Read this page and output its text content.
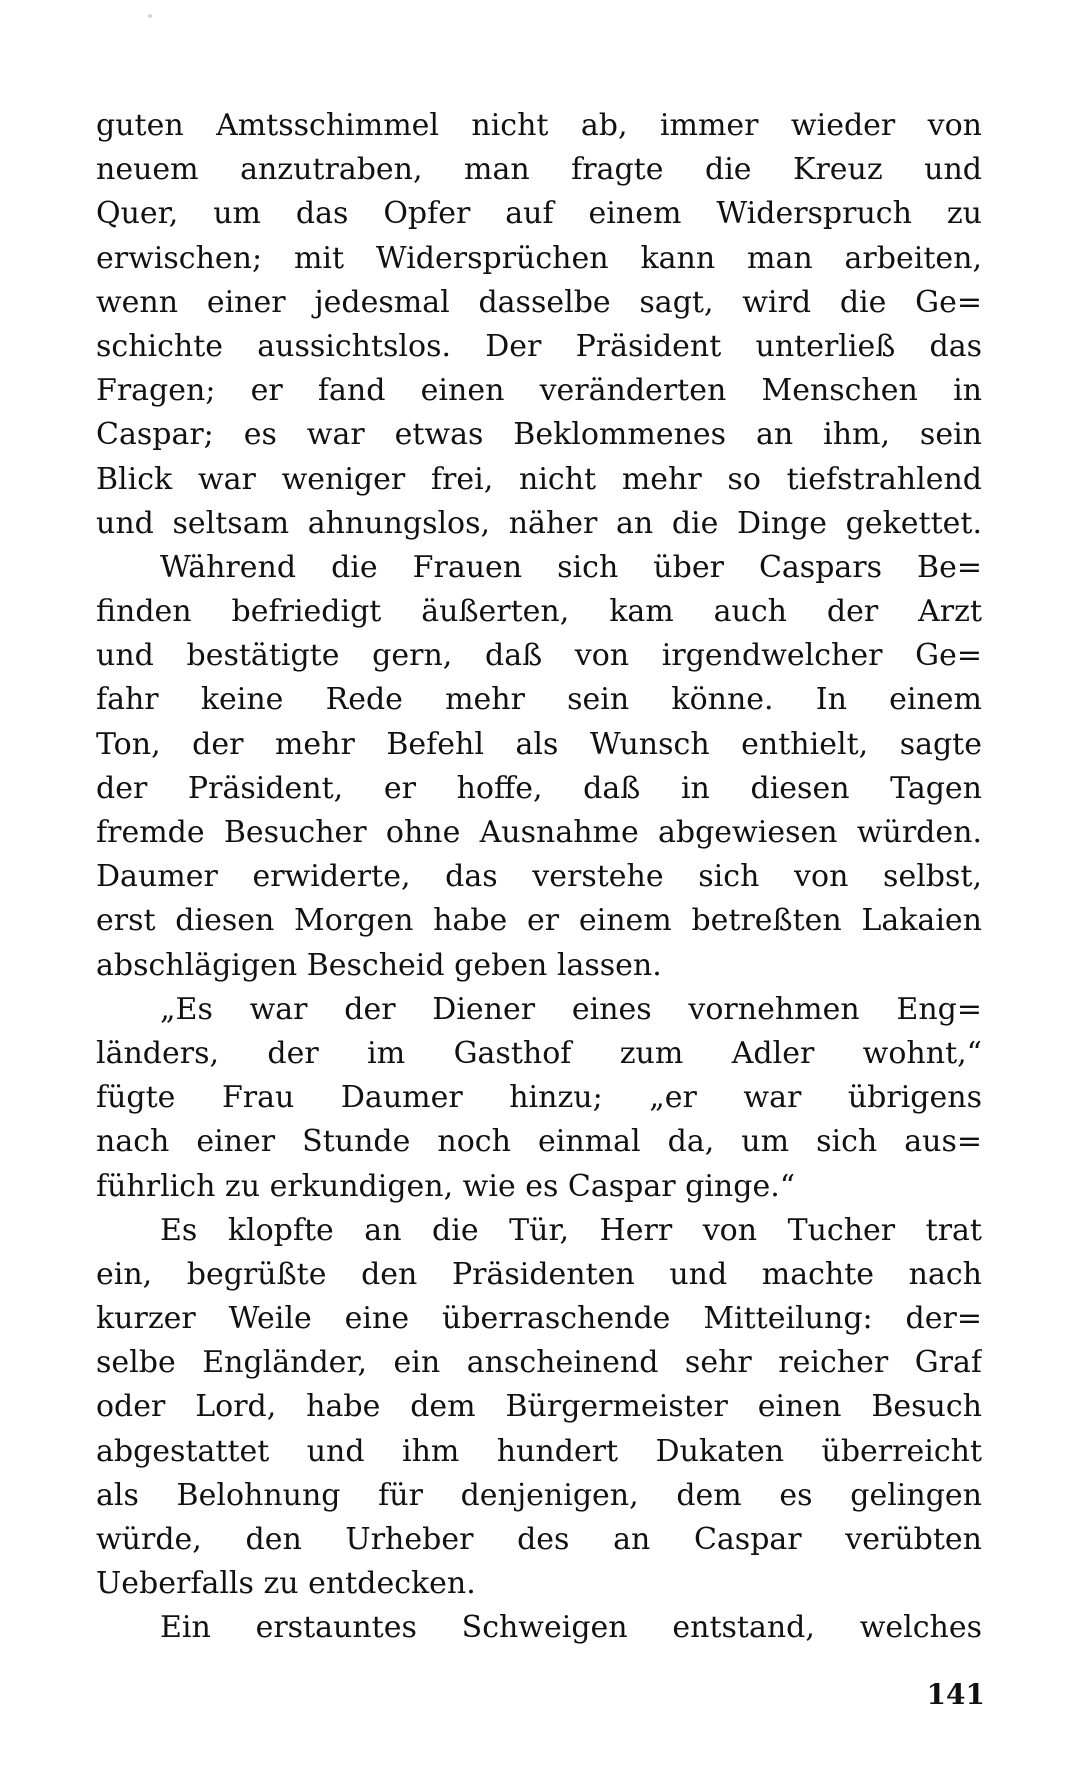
guten Amtsschimmel nicht ab, immer wieder von
neuem anzutraben, man fragte die Kreuz und
Quer, um das Opfer auf einem Widerspruch zu
erwischen; mit Widersprüchen kann man arbeiten,
wenn einer jedesmal dasselbe sagt, wird die Ge=
schichte aussichtslos. Der Präsident unterließ das
Fragen; er fand einen veränderten Menschen in
Caspar; es war etwas Beklommenes an ihm, sein
Blick war weniger frei, nicht mehr so tiefstrahlend
und seltsam ahnungslos, näher an die Dinge gekettet.
Während die Frauen sich über Caspars Be=
finden befriedigt äußerten, kam auch der Arzt
und bestätigte gern, daß von irgendwelcher Ge=
fahr keine Rede mehr sein könne. In einem
Ton, der mehr Befehl als Wunsch enthielt, sagte
der Präsident, er hoffe, daß in diesen Tagen
fremde Besucher ohne Ausnahme abgewiesen würden.
Daumer erwiderte, das verstehe sich von selbst,
erst diesen Morgen habe er einem betreßten Lakaien
abschlägigen Bescheid geben lassen.
„Es war der Diener eines vornehmen Eng=
länders, der im Gasthof zum Adler wohnt,“
fügte Frau Daumer hinzu; „er war übrigens
nach einer Stunde noch einmal da, um sich aus=
führlich zu erkundigen, wie es Caspar ginge.“
Es klopfte an die Tür, Herr von Tucher trat
ein, begrüßte den Präsidenten und machte nach
kurzer Weile eine überraschende Mitteilung: der=
selbe Engländer, ein anscheinend sehr reicher Graf
oder Lord, habe dem Bürgermeister einen Besuch
abgestattet und ihm hundert Dukaten überreicht
als Belohnung für denjenigen, dem es gelingen
würde, den Urheber des an Caspar verübten
Ueberfalls zu entdecken.
Ein erstauntes Schweigen entstand, welches
141
